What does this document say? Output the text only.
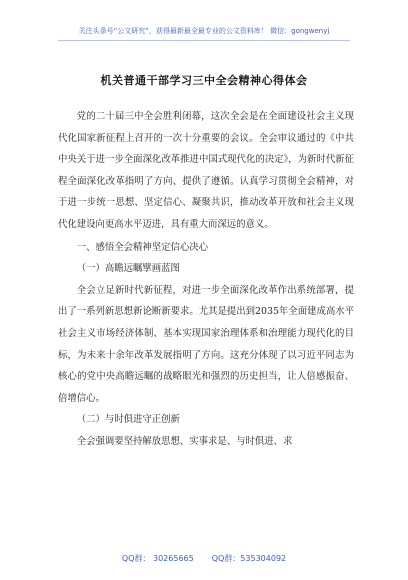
关注头条号“公文研究”，获得最新最全最专业的公文资料库！ 微信：gongwenyj
机关普通干部学习三中全会精神心得体会

党的二十届三中全会胜利闭幕，这次全会是在全面建设社会主义现代化国家新征程上召开的一次十分重要的会议。全会审议通过的《中共中央关于进一步全面深化改革推进中国式现代化的决定》，为新时代新征程全面深化改革指明了方向、提供了遵循。认真学习贯彻全会精神，对于进一步统一思想、坚定信心、凝聚共识，推动改革开放和社会主义现代化建设向更高水平迈进，具有重大而深远的意义。

一、感悟全会精神坚定信心决心

（一）高瞻远瞩擘画蓝图

全会立足新时代新征程，对进一步全面深化改革作出系统部署，提出了一系列新思想新论断新要求。尤其是提出到2035年全面建成高水平社会主义市场经济体制、基本实现国家治理体系和治理能力现代化的目标，为未来十余年改革发展指明了方向。这充分体现了以习近平同志为核心的党中央高瞻远瞩的战略眼光和强烈的历史担当，让人倍感振奋、倍增信心。

（二）与时俱进守正创新

全会强调要坚持解放思想、实事求是、与时俱进、求

QQ群： 30265665 QQ群：535304092
